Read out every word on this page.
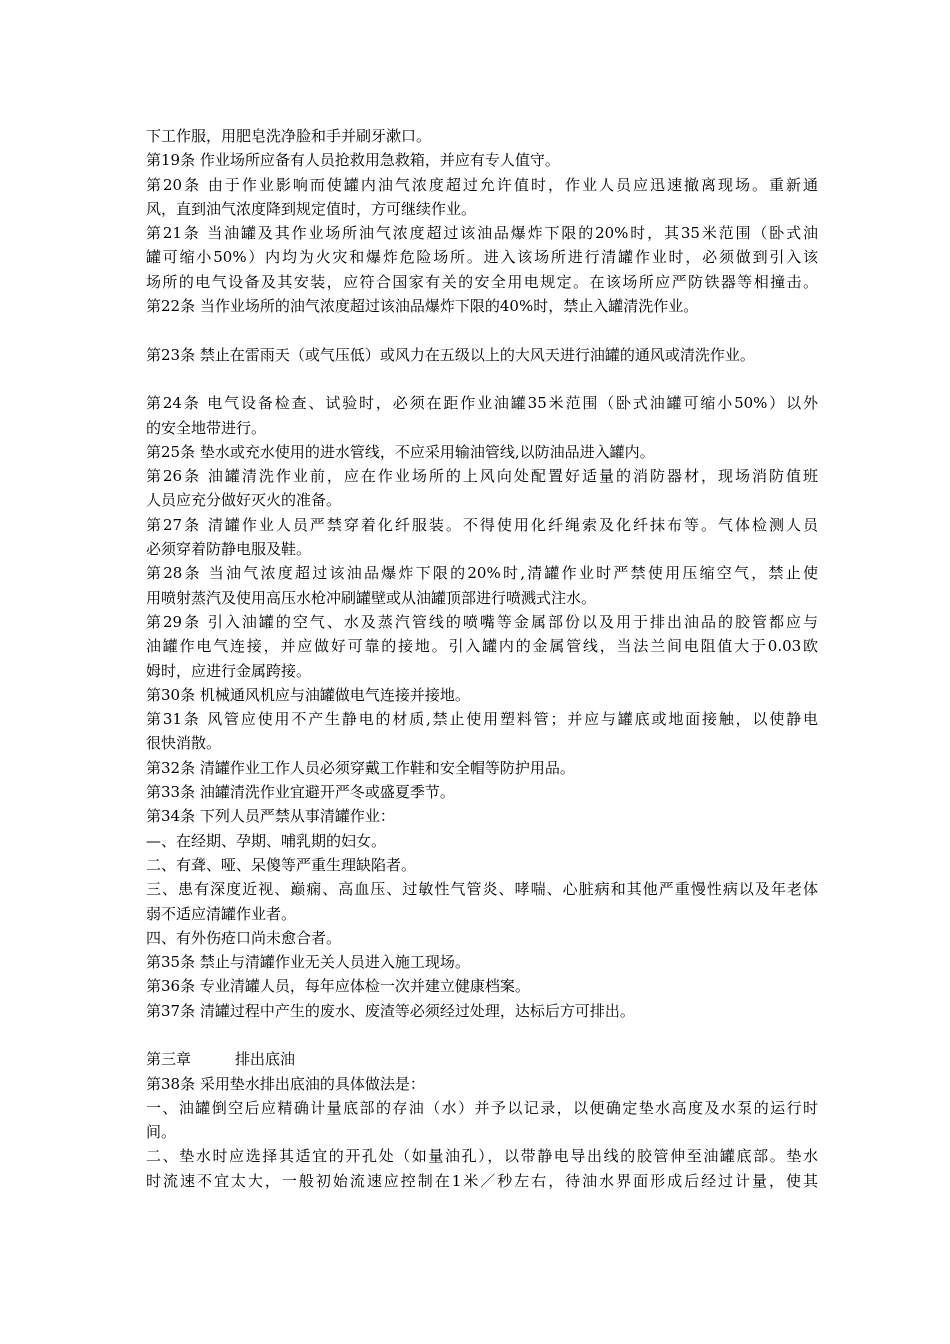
下工作服，用肥皂洗净脸和手并刷牙漱口。
第19条 作业场所应备有人员抢救用急救箱，并应有专人值守。
第20条 由于作业影响而使罐内油气浓度超过允许值时，作业人员应迅速撤离现场。重新通
风，直到油气浓度降到规定值时，方可继续作业。
第21条 当油罐及其作业场所油气浓度超过该油品爆炸下限的20%时，其35米范围（卧式油
罐可缩小50%）内均为火灾和爆炸危险场所。进入该场所进行清罐作业时，必须做到引入该
场所的电气设备及其安装，应符合国家有关的安全用电规定。在该场所应严防铁器等相撞击。
第22条 当作业场所的油气浓度超过该油品爆炸下限的40%时，禁止入罐清洗作业。
第23条 禁止在雷雨天（或气压低）或风力在五级以上的大风天进行油罐的通风或清洗作业。
第24条 电气设备检查、试验时，必须在距作业油罐35米范围（卧式油罐可缩小50%）以外
的安全地带进行。
第25条 垫水或充水使用的进水管线，不应采用输油管线,以防油品进入罐内。
第26条 油罐清洗作业前，应在作业场所的上风向处配置好适量的消防器材，现场消防值班
人员应充分做好灭火的准备。
第27条 清罐作业人员严禁穿着化纤服装。不得使用化纤绳索及化纤抹布等。气体检测人员
必须穿着防静电服及鞋。
第28条 当油气浓度超过该油品爆炸下限的20%时,清罐作业时严禁使用压缩空气，禁止使
用喷射蒸汽及使用高压水枪冲刷罐壁或从油罐顶部进行喷溅式注水。
第29条 引入油罐的空气、水及蒸汽管线的喷嘴等金属部份以及用于排出油品的胶管都应与
油罐作电气连接，并应做好可靠的接地。引入罐内的金属管线，当法兰间电阻值大于0.03欧
姆时，应进行金属跨接。
第30条 机械通风机应与油罐做电气连接并接地。
第31条 风管应使用不产生静电的材质,禁止使用塑料管；并应与罐底或地面接触，以使静电
很快消散。
第32条 清罐作业工作人员必须穿戴工作鞋和安全帽等防护用品。
第33条 油罐清洗作业宜避开严冬或盛夏季节。
第34条 下列人员严禁从事清罐作业：
—、在经期、孕期、哺乳期的妇女。
二、有聋、哑、呆傻等严重生理缺陷者。
三、患有深度近视、巅痫、高血压、过敏性气管炎、哮喘、心脏病和其他严重慢性病以及年老体
弱不适应清罐作业者。
四、有外伤疮口尚未愈合者。
第35条 禁止与清罐作业无关人员进入施工现场。
第36条 专业清罐人员，每年应体检一次并建立健康档案。
第37条 清罐过程中产生的废水、废渣等必须经过处理，达标后方可排出。
第三章	排出底油
第38条 采用垫水排出底油的具体做法是：
一、油罐倒空后应精确计量底部的存油（水）并予以记录，以便确定垫水高度及水泵的运行时
间。
二、垫水时应选择其适宜的开孔处（如量油孔），以带静电导出线的胶管伸至油罐底部。垫水
时流速不宜太大，一般初始流速应控制在1米／秒左右，待油水界面形成后经过计量，使其
